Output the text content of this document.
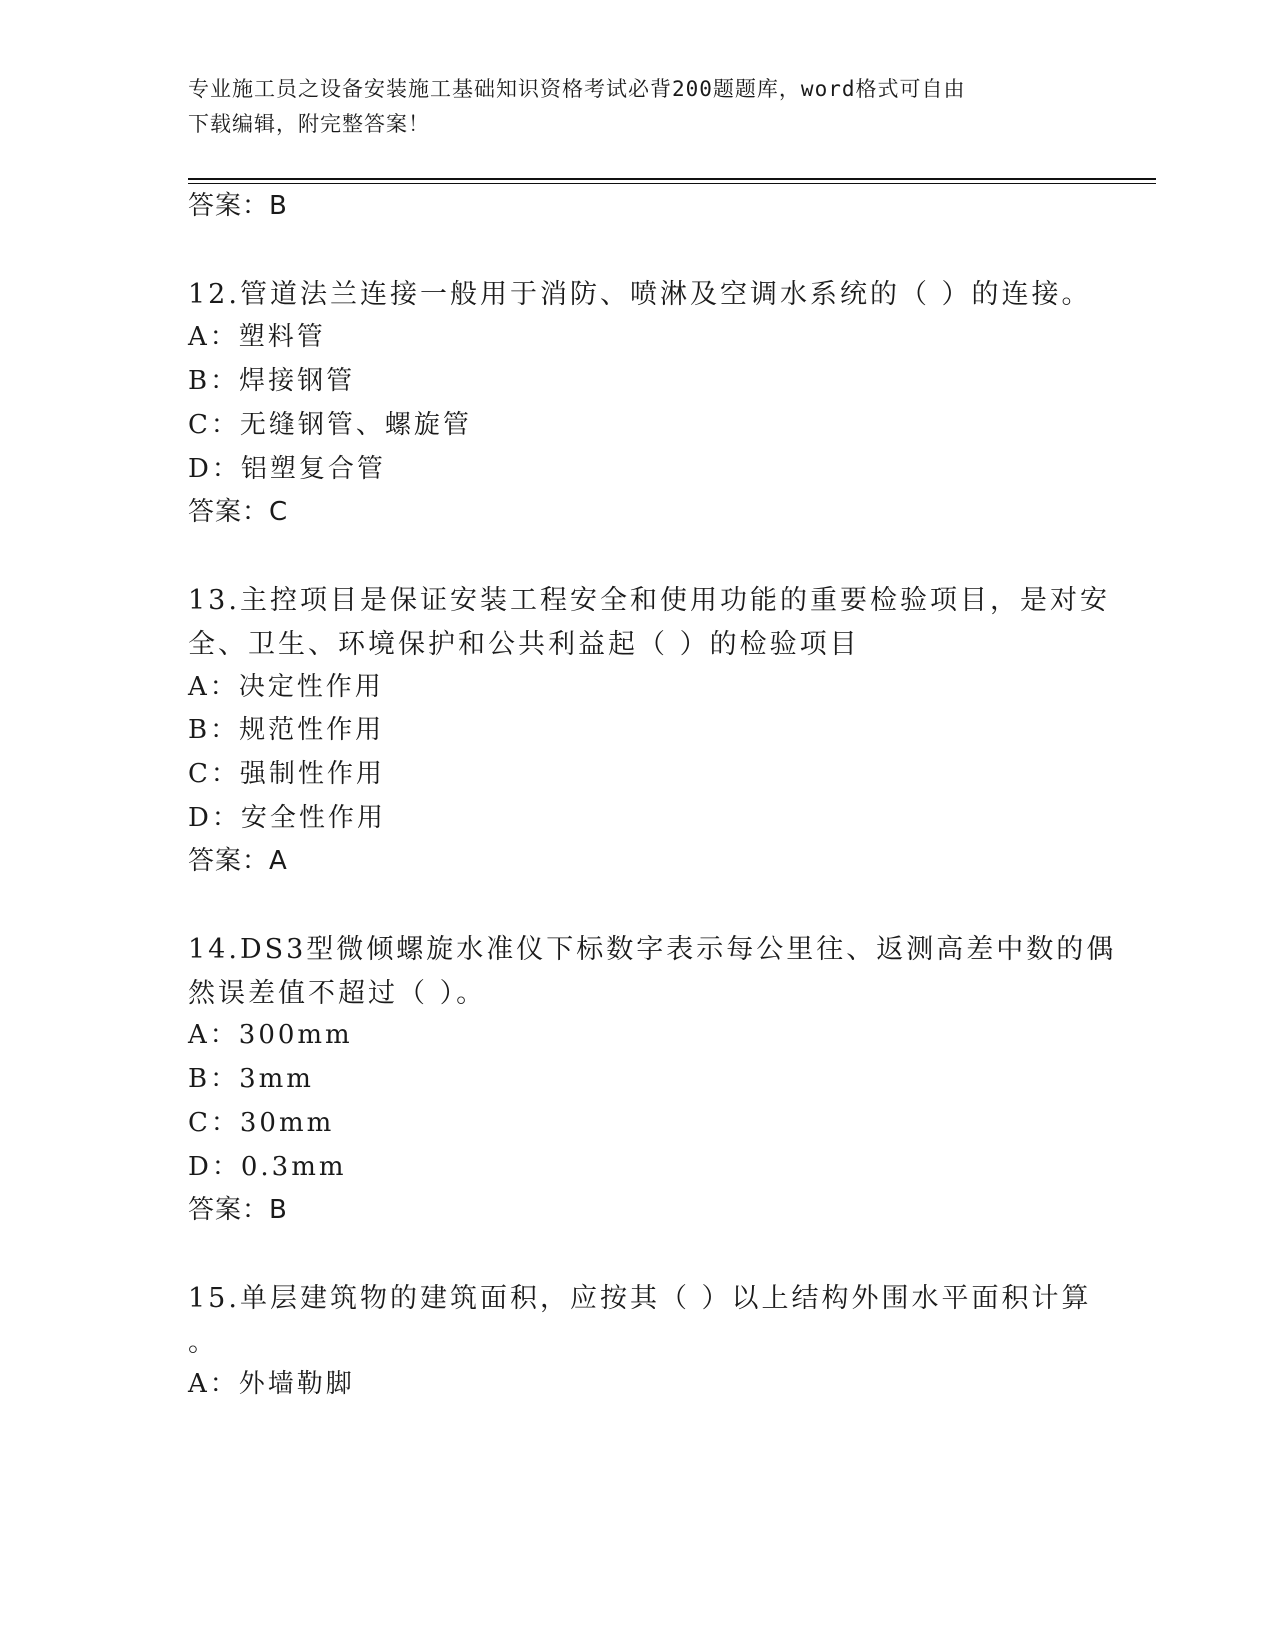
专业施工员之设备安装施工基础知识资格考试必背200题题库，word格式可自由
下载编辑，附完整答案！
答案：B
12.管道法兰连接一般用于消防、喷淋及空调水系统的（ ）的连接。
A：塑料管
B：焊接钢管
C：无缝钢管、螺旋管
D：铝塑复合管
答案：C
13.主控项目是保证安装工程安全和使用功能的重要检验项目，是对安
全、卫生、环境保护和公共利益起（ ）的检验项目
A：决定性作用
B：规范性作用
C：强制性作用
D：安全性作用
答案：A
14.DS3型微倾螺旋水准仪下标数字表示每公里往、返测高差中数的偶
然误差值不超过（ ）。
A：300mm
B：3mm
C：30mm
D：0.3mm
答案：B
15.单层建筑物的建筑面积，应按其（ ）以上结构外围水平面积计算
。
A：外墙勒脚
